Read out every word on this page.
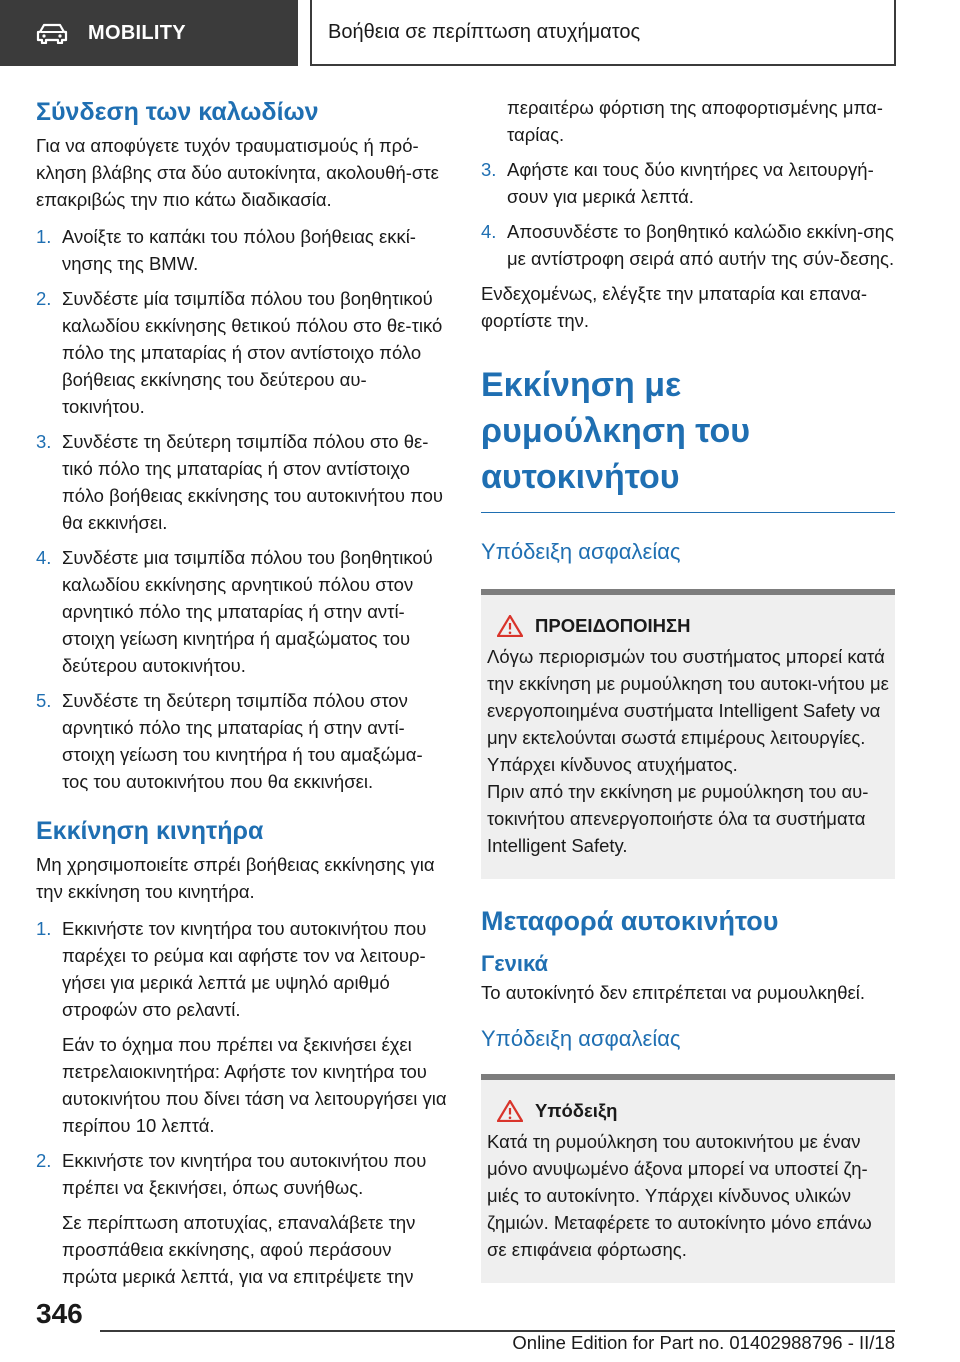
MOBILITY	Βοήθεια σε περίπτωση ατυχήματος
Σύνδεση των καλωδίων

Για να αποφύγετε τυχόν τραυματισμούς ή πρό-κληση βλάβης στα δύο αυτοκίνητα, ακολουθή-στε επακριβώς την πιο κάτω διαδικασία.

1. Ανοίξτε το καπάκι του πόλου βοήθειας εκκί-νησης της BMW.
2. Συνδέστε μία τσιμπίδα πόλου του βοηθητικού καλωδίου εκκίνησης θετικού πόλου στο θε-τικό πόλο της μπαταρίας ή στον αντίστοιχο πόλο βοήθειας εκκίνησης του δεύτερου αυ-τοκινήτου.
3. Συνδέστε τη δεύτερη τσιμπίδα πόλου στο θε-τικό πόλο της μπαταρίας ή στον αντίστοιχο πόλο βοήθειας εκκίνησης του αυτοκινήτου που θα εκκινήσει.
4. Συνδέστε μια τσιμπίδα πόλου του βοηθητικού καλωδίου εκκίνησης αρνητικού πόλου στον αρνητικό πόλο της μπαταρίας ή στην αντί-στοιχη γείωση κινητήρα ή αμαξώματος του δεύτερου αυτοκινήτου.
5. Συνδέστε τη δεύτερη τσιμπίδα πόλου στον αρνητικό πόλο της μπαταρίας ή στην αντί-στοιχη γείωση του κινητήρα ή του αμαξώμα-τος του αυτοκινήτου που θα εκκινήσει.
Εκκίνηση κινητήρα

Μη χρησιμοποιείτε σπρέι βοήθειας εκκίνησης για την εκκίνηση του κινητήρα.

1. Εκκινήστε τον κινητήρα του αυτοκινήτου που παρέχει το ρεύμα και αφήστε τον να λειτουρ-γήσει για μερικά λεπτά με υψηλό αριθμό στροφών στο ρελαντί.
Εάν το όχημα που πρέπει να ξεκινήσει έχει πετρελαιοκινητήρα: Αφήστε τον κινητήρα του αυτοκινήτου που δίνει τάση να λειτουργήσει για περίπου 10 λεπτά.
2. Εκκινήστε τον κινητήρα του αυτοκινήτου που πρέπει να ξεκινήσει, όπως συνήθως.
Σε περίπτωση αποτυχίας, επαναλάβετε την προσπάθεια εκκίνησης, αφού περάσουν πρώτα μερικά λεπτά, για να επιτρέψετε την

περαιτέρω φόρτιση της αποφορτισμένης μπα-ταρίας.

3. Αφήστε και τους δύο κινητήρες να λειτουργή-σουν για μερικά λεπτά.
4. Αποσυνδέστε το βοηθητικό καλώδιο εκκίνη-σης με αντίστροφη σειρά από αυτήν της σύν-δεσης.

Ενδεχομένως, ελέγξτε την μπαταρία και επανα-φορτίστε την.

Εκκίνηση με ρυμούλκηση του αυτοκινήτου
Υπόδειξη ασφαλείας
ΠΡΟΕΙΔΟΠΟΙΗΣΗ

Λόγω περιορισμών του συστήματος μπορεί κατά την εκκίνηση με ρυμούλκηση του αυτοκι-νήτου με ενεργοποιημένα συστήματα Intelligent Safety να μην εκτελούνται σωστά επιμέρους λειτουργίες. Υπάρχει κίνδυνος ατυχήματος.

Πριν από την εκκίνηση με ρυμούλκηση του αυ-τοκινήτου απενεργοποιήστε όλα τα συστήματα Intelligent Safety.

Μεταφορά αυτοκινήτου
Γενικά

Το αυτοκίνητό δεν επιτρέπεται να ρυμουλκηθεί.

Υπόδειξη ασφαλείας
Υπόδειξη

Κατά τη ρυμούλκηση του αυτοκινήτου με έναν μόνο ανυψωμένο άξονα μπορεί να υποστεί ζη-μιές το αυτοκίνητο. Υπάρχει κίνδυνος υλικών ζημιών. Μεταφέρετε το αυτοκίνητο μόνο επάνω σε επιφάνεια φόρτωσης.

346
Online Edition for Part no. 01402988796 - II/18
